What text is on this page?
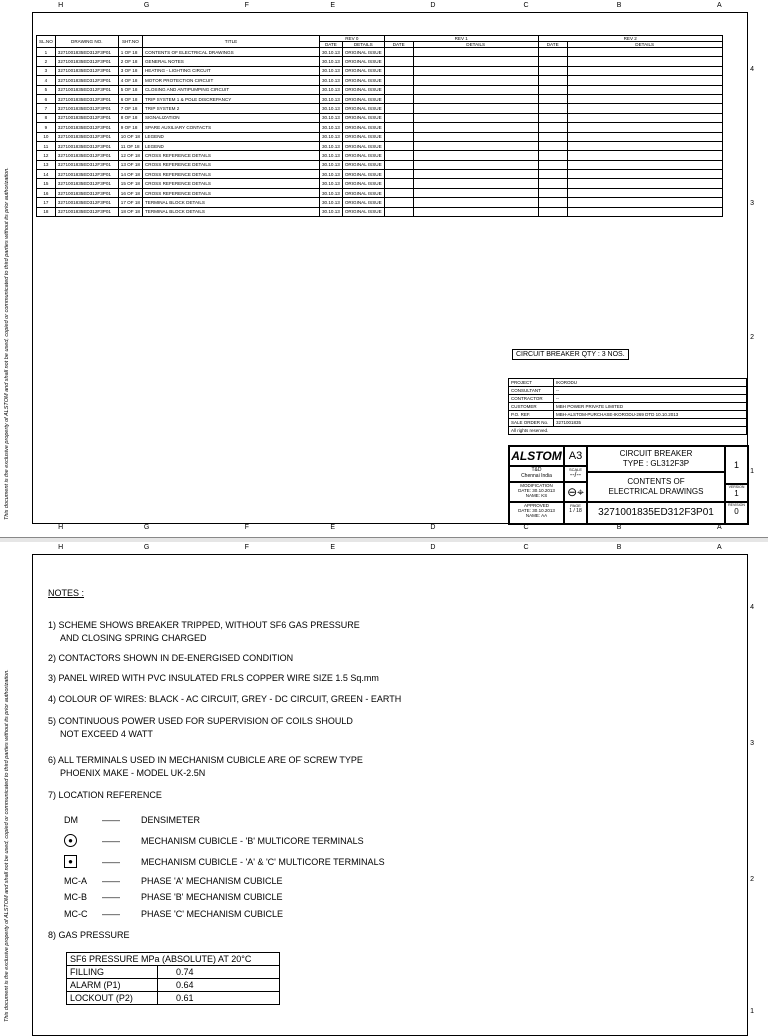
H	G	F	E	D	C	B	A
H	G	F	E	D	C	B	A
4
3
2
1
This document is the exclusive property of ALSTOM and shall not be used, copied or communicated to third parties without its prior authorization.
SL.NO	DRAWING NO.	SHT.NO	TITLE	REV 0		REV 1		REV 2	
				DATE	DETAILS	DATE	DETAILS	DATE	DETAILS
1	3271001835ED312F3P01	1 OF 18	CONTENTS OF ELECTRICAL DRAWINGS	30.10.13	ORIGINAL ISSUE				
2	3271001835ED312F3P01	2 OF 18	GENERAL NOTES	30.10.13	ORIGINAL ISSUE				
3	3271001835ED312F3P01	3 OF 18	HEATING - LIGHTING CIRCUIT	30.10.13	ORIGINAL ISSUE				
4	3271001835ED312F3P01	4 OF 18	MOTOR PROTECTION CIRCUIT	30.10.13	ORIGINAL ISSUE				
5	3271001835ED312F3P01	5 OF 18	CLOSING AND ANTIPUMPING CIRCUIT	30.10.13	ORIGINAL ISSUE				
6	3271001835ED312F3P01	6 OF 18	TRIP SYSTEM 1 & POLE DISCREPANCY	30.10.13	ORIGINAL ISSUE				
7	3271001835ED312F3P01	7 OF 18	TRIP SYSTEM 2	30.10.13	ORIGINAL ISSUE				
8	3271001835ED312F3P01	8 OF 18	SIGNALIZATION	30.10.13	ORIGINAL ISSUE				
9	3271001835ED312F3P01	9 OF 18	SPARE AUXILIARY CONTACTS	30.10.13	ORIGINAL ISSUE				
10	3271001835ED312F3P01	10 OF 18	LEGEND	30.10.13	ORIGINAL ISSUE				
11	3271001835ED312F3P01	11 OF 18	LEGEND	30.10.13	ORIGINAL ISSUE				
12	3271001835ED312F3P01	12 OF 18	CROSS REFERENCE DETAILS	30.10.13	ORIGINAL ISSUE				
13	3271001835ED312F3P01	13 OF 18	CROSS REFERENCE DETAILS	30.10.13	ORIGINAL ISSUE				
14	3271001835ED312F3P01	14 OF 18	CROSS REFERENCE DETAILS	30.10.13	ORIGINAL ISSUE				
15	3271001835ED312F3P01	15 OF 18	CROSS REFERENCE DETAILS	30.10.13	ORIGINAL ISSUE				
16	3271001835ED312F3P01	16 OF 18	CROSS REFERENCE DETAILS	30.10.13	ORIGINAL ISSUE				
17	3271001835ED312F3P01	17 OF 18	TERMINAL BLOCK DETAILS	30.10.13	ORIGINAL ISSUE				
18	3271001835ED312F3P01	18 OF 18	TERMINAL BLOCK DETAILS	30.10.13	ORIGINAL ISSUE				
CIRCUIT BREAKER QTY : 3 NOS.
PROJECT	IKORODU
CONSULTANT	--
CONTRACTOR	--
CUSTOMER	MBH POWER PRIVATE LIMITED
P.O. REF.	MBH-ALSTOM-PURCHASE-IKORODU-269 DTD 10.10.2013
SALE ORDER No.	3271001835
All rights reserved.	
ALSTOM A3
T&D
Chennai India
SCALE
--/--
MODIFICATION
DATE: 30.10.2013
NAME: KS	⊖⌖
APPROVED
DATE: 30.10.2013
NAME: AA
PAGE
1 / 18
CIRCUIT BREAKER
TYPE : GL312F3P
CONTENTS OF
ELECTRICAL DRAWINGS
3271001835ED312F3P01
1
VERSION
1
REVISION
0
H	G	F	E	D	C	B	A
4
3
2
1
This document is the exclusive property of ALSTOM and shall not be used, copied or communicated to third parties without its prior authorization.
NOTES :
1) SCHEME SHOWS BREAKER TRIPPED, WITHOUT SF6 GAS PRESSURE
AND CLOSING SPRING CHARGED
2) CONTACTORS SHOWN IN DE-ENERGISED CONDITION
3) PANEL WIRED WITH PVC INSULATED FRLS COPPER WIRE SIZE 1.5 Sq.mm
4) COLOUR OF WIRES: BLACK - AC CIRCUIT, GREY - DC CIRCUIT, GREEN - EARTH
5) CONTINUOUS POWER USED FOR SUPERVISION OF COILS SHOULD
NOT EXCEED 4 WATT
6) ALL TERMINALS USED IN MECHANISM CUBICLE ARE OF SCREW TYPE
PHOENIX MAKE - MODEL UK-2.5N
7) LOCATION REFERENCE
DM	—— DENSIMETER
●	—— MECHANISM CUBICLE - 'B' MULTICORE TERMINALS
●	—— MECHANISM CUBICLE - 'A' & 'C' MULTICORE TERMINALS
MC-A —— PHASE 'A' MECHANISM CUBICLE
MC-B —— PHASE 'B' MECHANISM CUBICLE
MC-C —— PHASE 'C' MECHANISM CUBICLE
8) GAS PRESSURE
SF6 PRESSURE MPa (ABSOLUTE) AT 20°C	
FILLING	0.74
ALARM (P1)	0.64
LOCKOUT (P2)	0.61
